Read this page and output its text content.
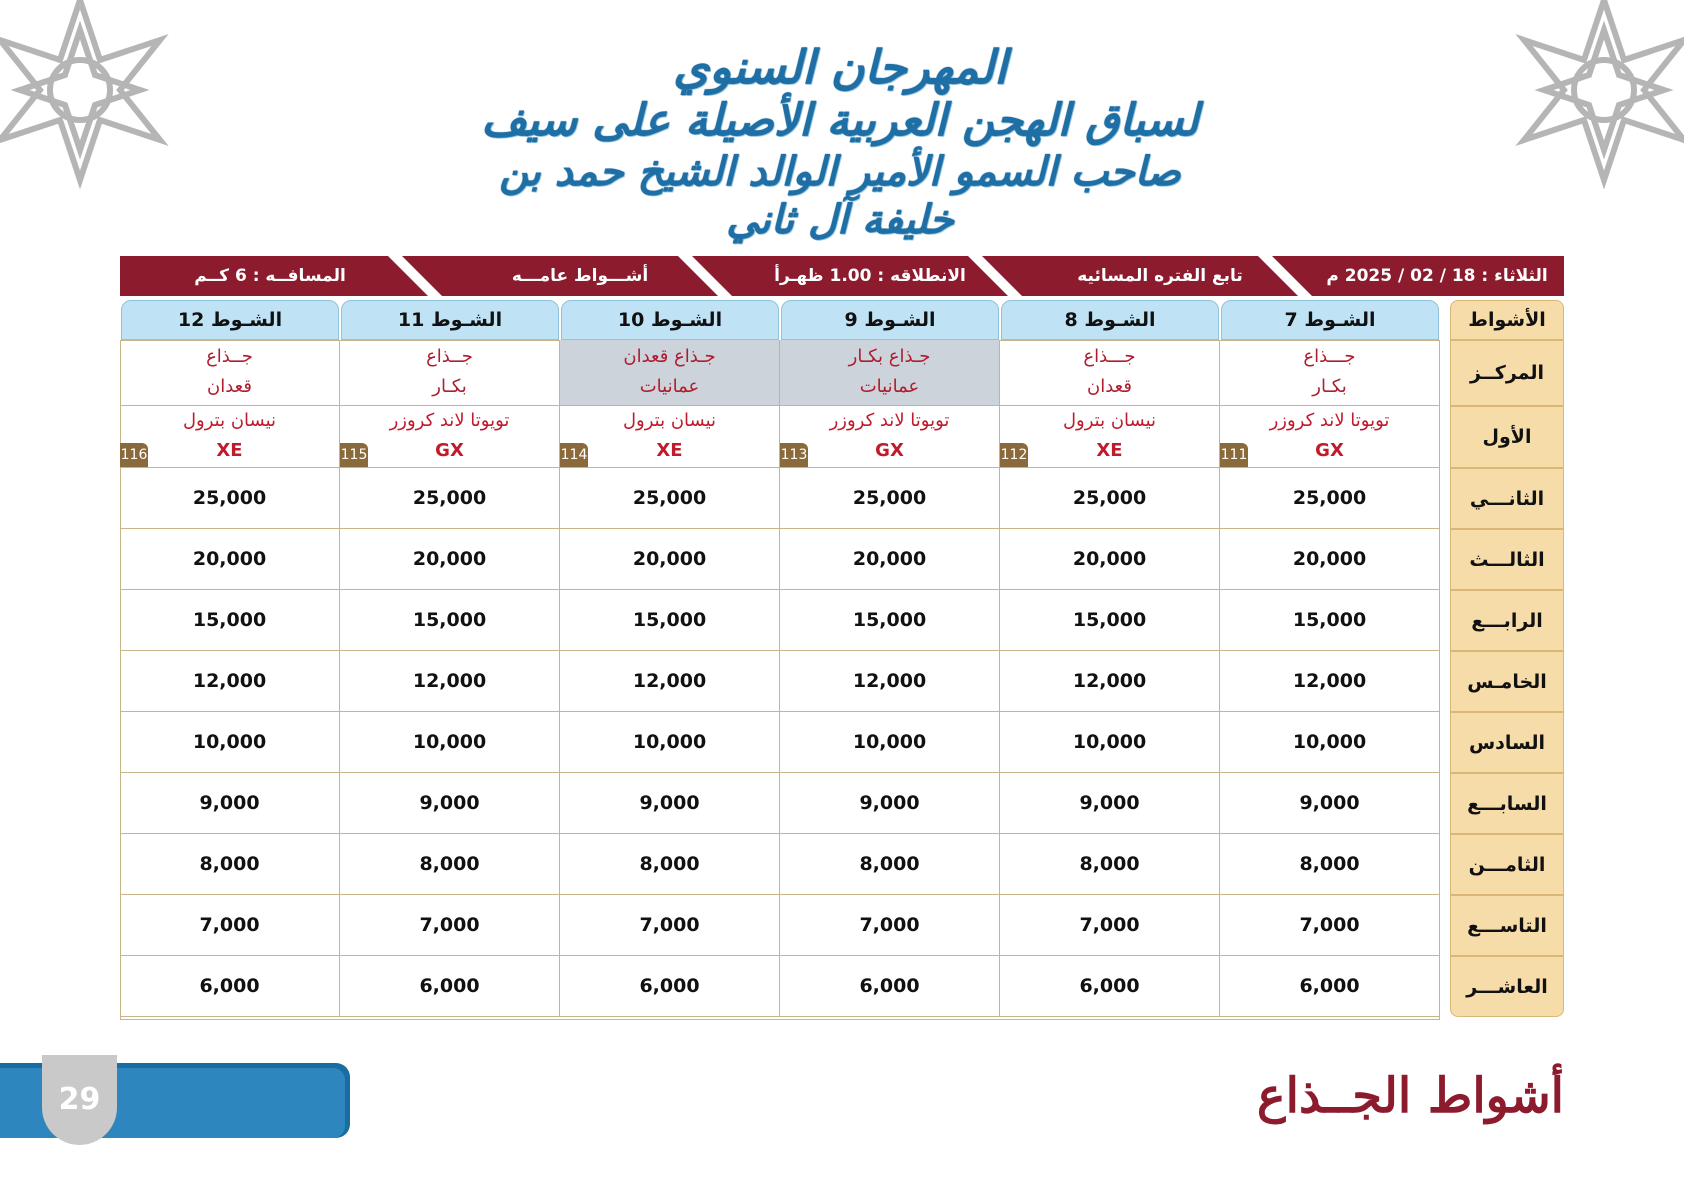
المهرجان السنوي
لسباق الهجن العربية الأصيلة على سيف
صاحب السمو الأمير الوالد الشيخ حمد بن خليفة آل ثاني
الثلاثاء : 18 / 02 / 2025 م
تابع الفتره المسائيه
الانطلاقه : 1.00 ظهـرأ
أشـــواط عامـــه
المسافــه : 6 كــم
الأشواط
المركــز
الأول
الشـوط 7
جـــذاع
بكـار
تويوتا لاند كروزر
GX
111
25,000
20,000
15,000
12,000
10,000
9,000
8,000
7,000
6,000
الشـوط 8
جـــذاع
قعدان
نيسان بترول
XE
112
25,000
20,000
15,000
12,000
10,000
9,000
8,000
7,000
6,000
الشـوط 9
جـذاع بكـار
عمانيات
تويوتا لاند كروزر
GX
113
25,000
20,000
15,000
12,000
10,000
9,000
8,000
7,000
6,000
الشـوط 10
جـذاع قعدان
عمانيات
نيسان بترول
XE
114
25,000
20,000
15,000
12,000
10,000
9,000
8,000
7,000
6,000
الشـوط 11
جــذاع
بكـار
تويوتا لاند كروزر
GX
115
25,000
20,000
15,000
12,000
10,000
9,000
8,000
7,000
6,000
الشـوط 12
جــذاع
قعدان
نيسان بترول
XE
116
25,000
20,000
15,000
12,000
10,000
9,000
8,000
7,000
6,000
الثانـــي
الثالـــث
الرابـــع
الخامـس
السادس
السابـــع
الثامـــن
التاســـع
العاشـــر
29	أشواط الجــذاع
